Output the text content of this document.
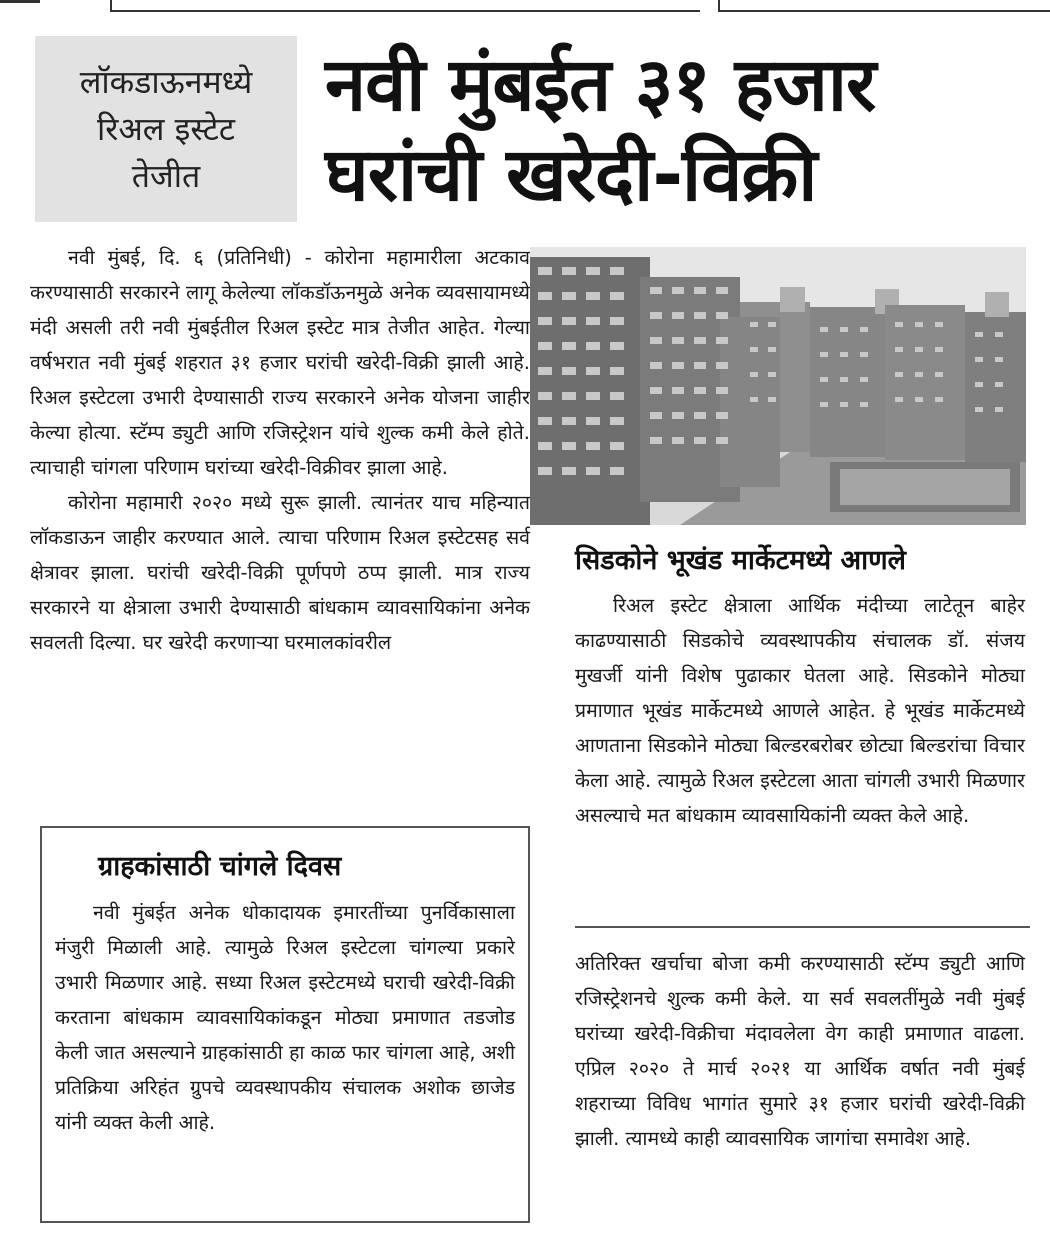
लॉकडाऊनमध्ये
रिअल इस्टेट
तेजीत
नवी मुंबईत ३१ हजार
घरांची खरेदी-विक्री

नवी मुंबई, दि. ६ (प्रतिनिधी) - कोरोना महामारीला अटकाव करण्यासाठी सरकारने लागू केलेल्या लॉकडॉऊनमुळे अनेक व्यवसायामध्ये मंदी असली तरी नवी मुंबईतील रिअल इस्टेट मात्र तेजीत आहेत. गेल्या वर्षभरात नवी मुंबई शहरात ३१ हजार घरांची खरेदी-विक्री झाली आहे. रिअल इस्टेटला उभारी देण्यासाठी राज्य सरकारने अनेक योजना जाहीर केल्या होत्या. स्टॅम्प ड्युटी आणि रजिस्ट्रेशन यांचे शुल्क कमी केले होते. त्याचाही चांगला परिणाम घरांच्या खरेदी-विक्रीवर झाला आहे.

कोरोना महामारी २०२० मध्ये सुरू झाली. त्यानंतर याच महिन्यात लॉकडाऊन जाहीर करण्यात आले. त्याचा परिणाम रिअल इस्टेटसह सर्व क्षेत्रावर झाला. घरांची खरेदी-विक्री पूर्णपणे ठप्प झाली. मात्र राज्य सरकारने या क्षेत्राला उभारी देण्यासाठी बांधकाम व्यावसायिकांना अनेक सवलती दिल्या. घर खरेदी करणाऱ्या घरमालकांवरील

सिडकोने भूखंड मार्केटमध्ये आणले

रिअल इस्टेट क्षेत्राला आर्थिक मंदीच्या लाटेतून बाहेर काढण्यासाठी सिडकोचे व्यवस्थापकीय संचालक डॉ. संजय मुखर्जी यांनी विशेष पुढाकार घेतला आहे. सिडकोने मोठ्या प्रमाणात भूखंड मार्केटमध्ये आणले आहेत. हे भूखंड मार्केटमध्ये आणताना सिडकोने मोठ्या बिल्डरबरोबर छोट्या बिल्डरांचा विचार केला आहे. त्यामुळे रिअल इस्टेटला आता चांगली उभारी मिळणार असल्याचे मत बांधकाम व्यावसायिकांनी व्यक्त केले आहे.

अतिरिक्त खर्चाचा बोजा कमी करण्यासाठी स्टॅम्प ड्युटी आणि रजिस्ट्रेशनचे शुल्क कमी केले. या सर्व सवलतींमुळे नवी मुंबई घरांच्या खरेदी-विक्रीचा मंदावलेला वेग काही प्रमाणात वाढला. एप्रिल २०२० ते मार्च २०२१ या आर्थिक वर्षात नवी मुंबई शहराच्या विविध भागांत सुमारे ३१ हजार घरांची खरेदी-विक्री झाली. त्यामध्ये काही व्यावसायिक जागांचा समावेश आहे.

ग्राहकांसाठी चांगले दिवस

नवी मुंबईत अनेक धोकादायक इमारतींच्या पुनर्विकासाला मंजुरी मिळाली आहे. त्यामुळे रिअल इस्टेटला चांगल्या प्रकारे उभारी मिळणार आहे. सध्या रिअल इस्टेटमध्ये घराची खरेदी-विक्री करताना बांधकाम व्यावसायिकांकडून मोठ्या प्रमाणात तडजोड केली जात असल्याने ग्राहकांसाठी हा काळ फार चांगला आहे, अशी प्रतिक्रिया अरिहंत ग्रुपचे व्यवस्थापकीय संचालक अशोक छाजेड यांनी व्यक्त केली आहे.
